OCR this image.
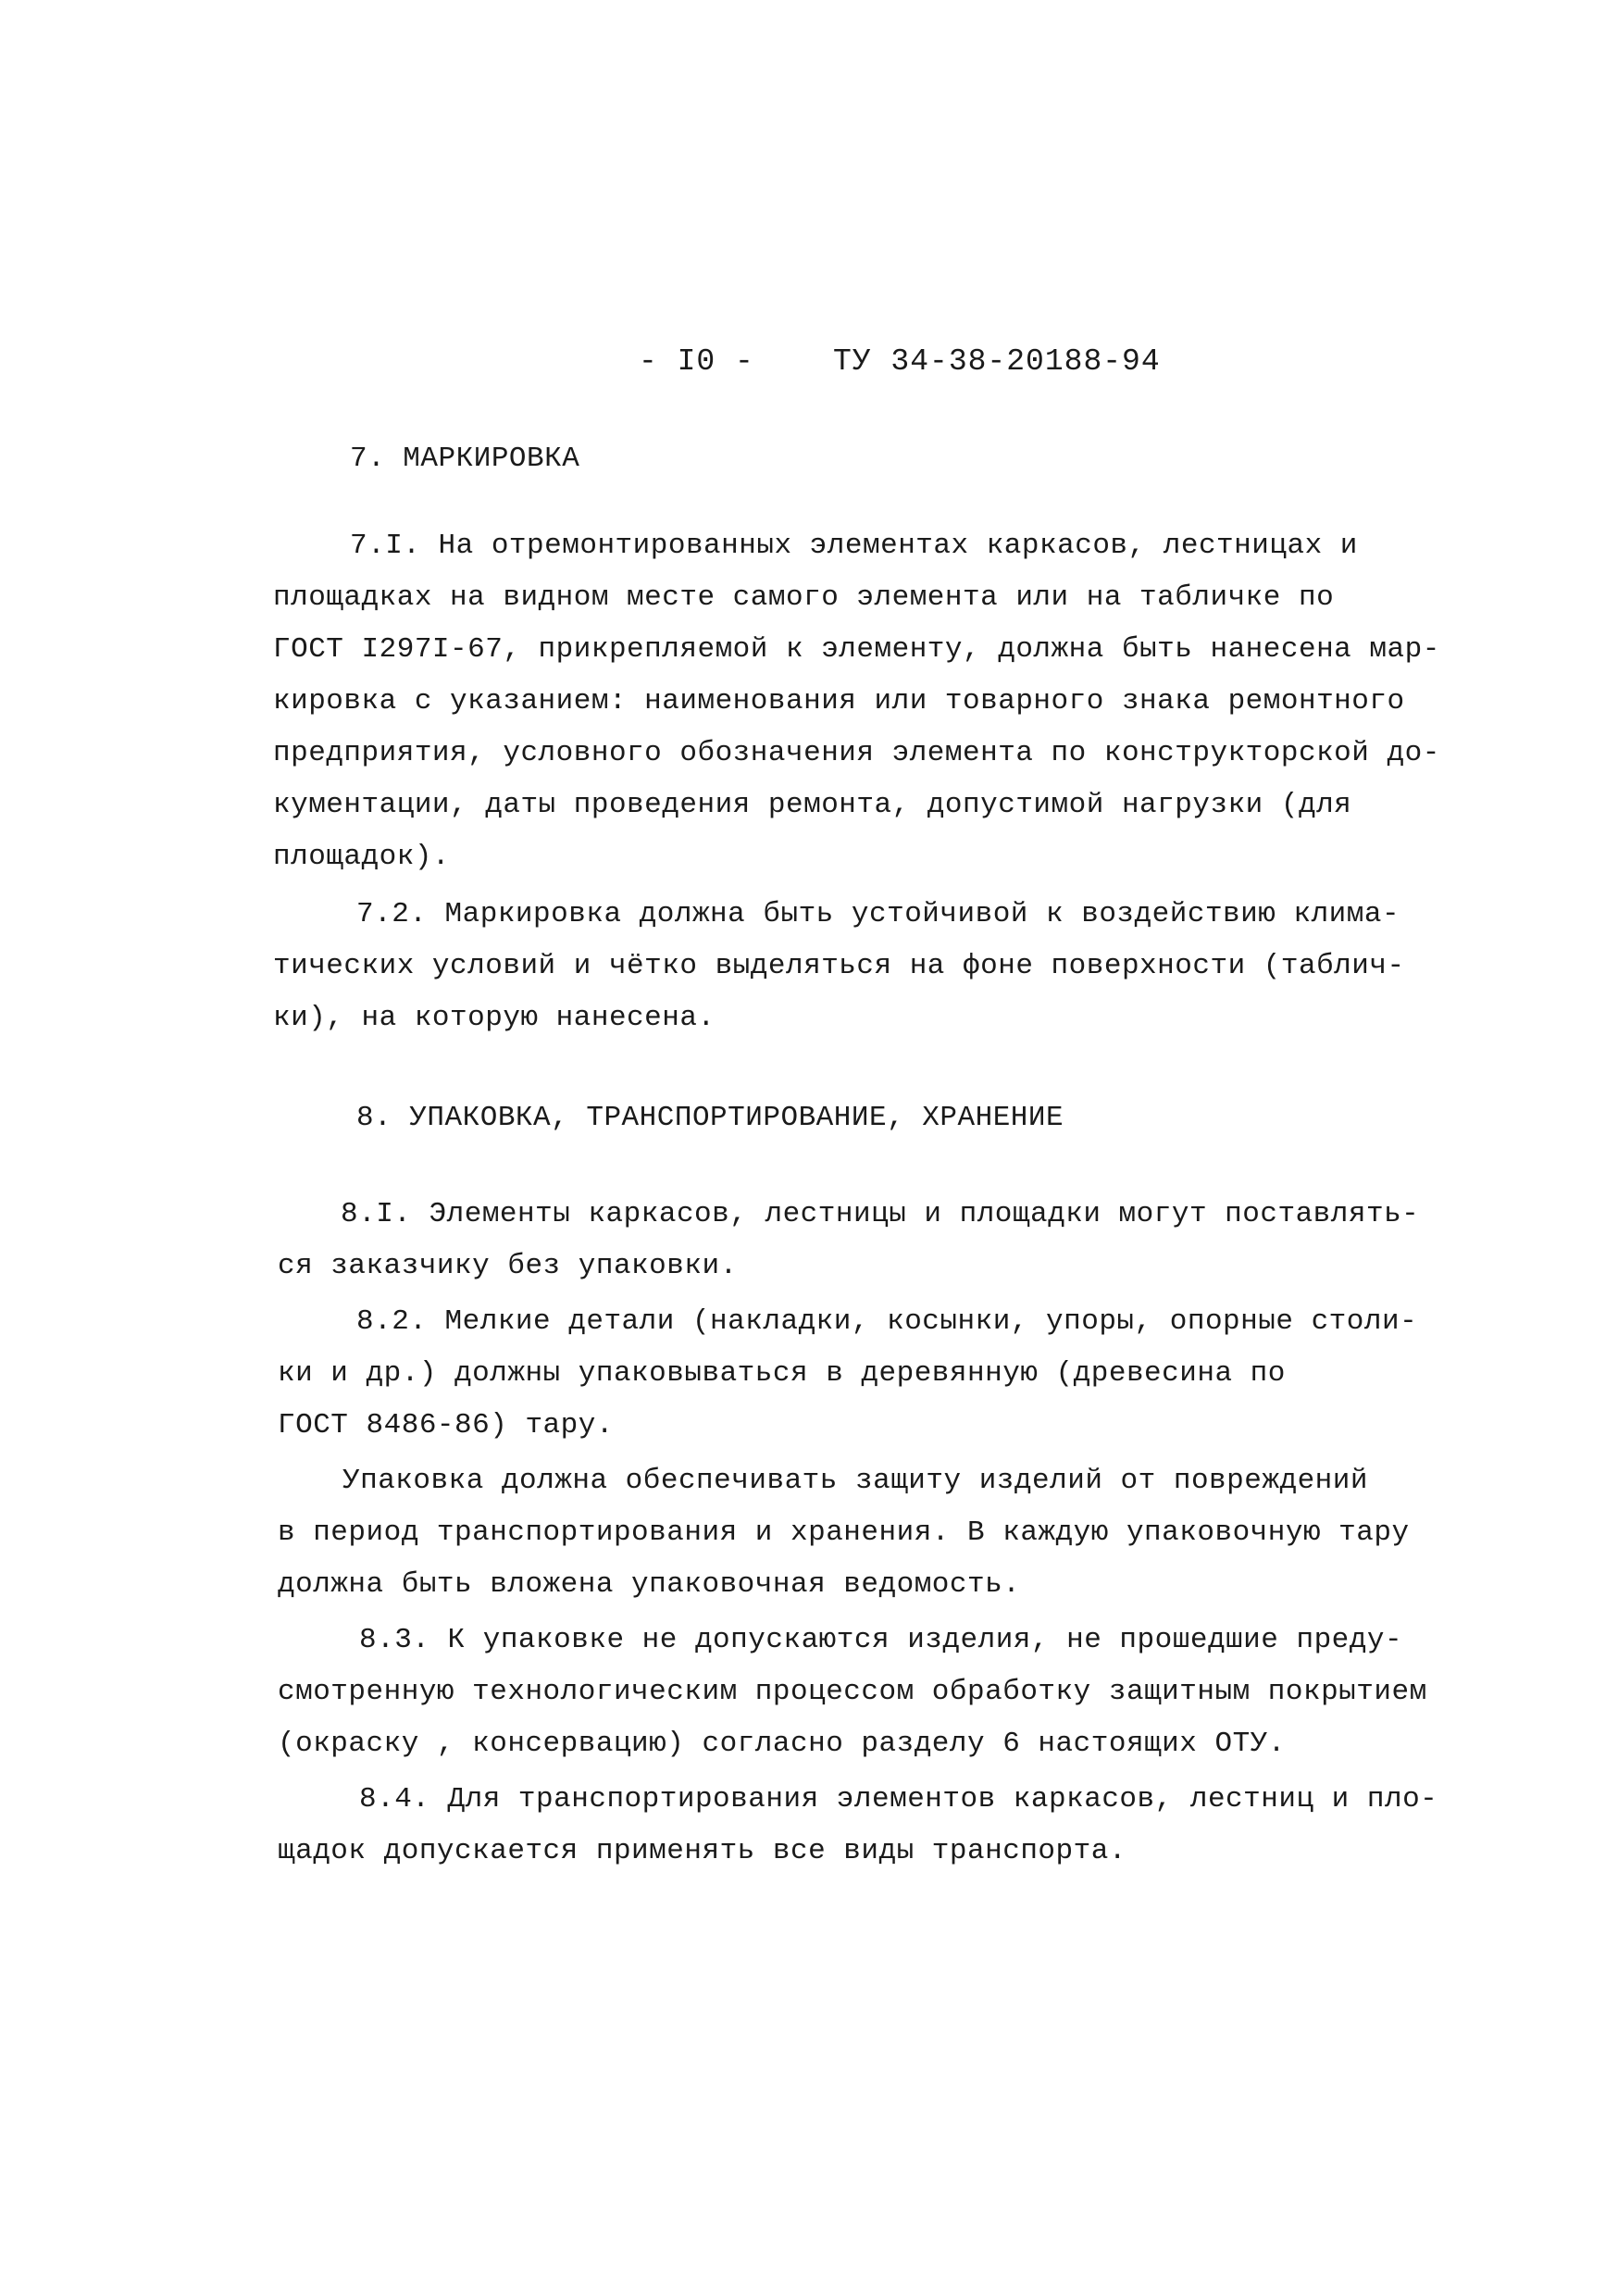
- I0 -	ТУ 34-38-20188-94
7. МАРКИРОВКА
7.I. На отремонтированных элементах каркасов, лестницах и
площадках на видном месте самого элемента или на табличке по
ГОСТ I297I-67, прикрепляемой к элементу, должна быть нанесена мар-
кировка с указанием: наименования или товарного знака ремонтного
предприятия, условного обозначения элемента по конструкторской до-
кументации, даты проведения ремонта, допустимой нагрузки (для
площадок).
7.2. Маркировка должна быть устойчивой к воздействию клима-
тических условий и чётко выделяться на фоне поверхности (таблич-
ки), на которую нанесена.
8. УПАКОВКА, ТРАНСПОРТИРОВАНИЕ, ХРАНЕНИЕ
8.I. Элементы каркасов, лестницы и площадки могут поставлять-
ся заказчику без упаковки.
8.2. Мелкие детали (накладки, косынки, упоры, опорные столи-
ки и др.) должны упаковываться в деревянную (древесина по
ГОСТ 8486-86) тару.
Упаковка должна обеспечивать защиту изделий от повреждений
в период транспортирования и хранения. В каждую упаковочную тару
должна быть вложена упаковочная ведомость.
8.3. К упаковке не допускаются изделия, не прошедшие преду-
смотренную технологическим процессом обработку защитным покрытием
(окраску , консервацию) согласно разделу 6 настоящих ОТУ.
8.4. Для транспортирования элементов каркасов, лестниц и пло-
щадок допускается применять все виды транспорта.
